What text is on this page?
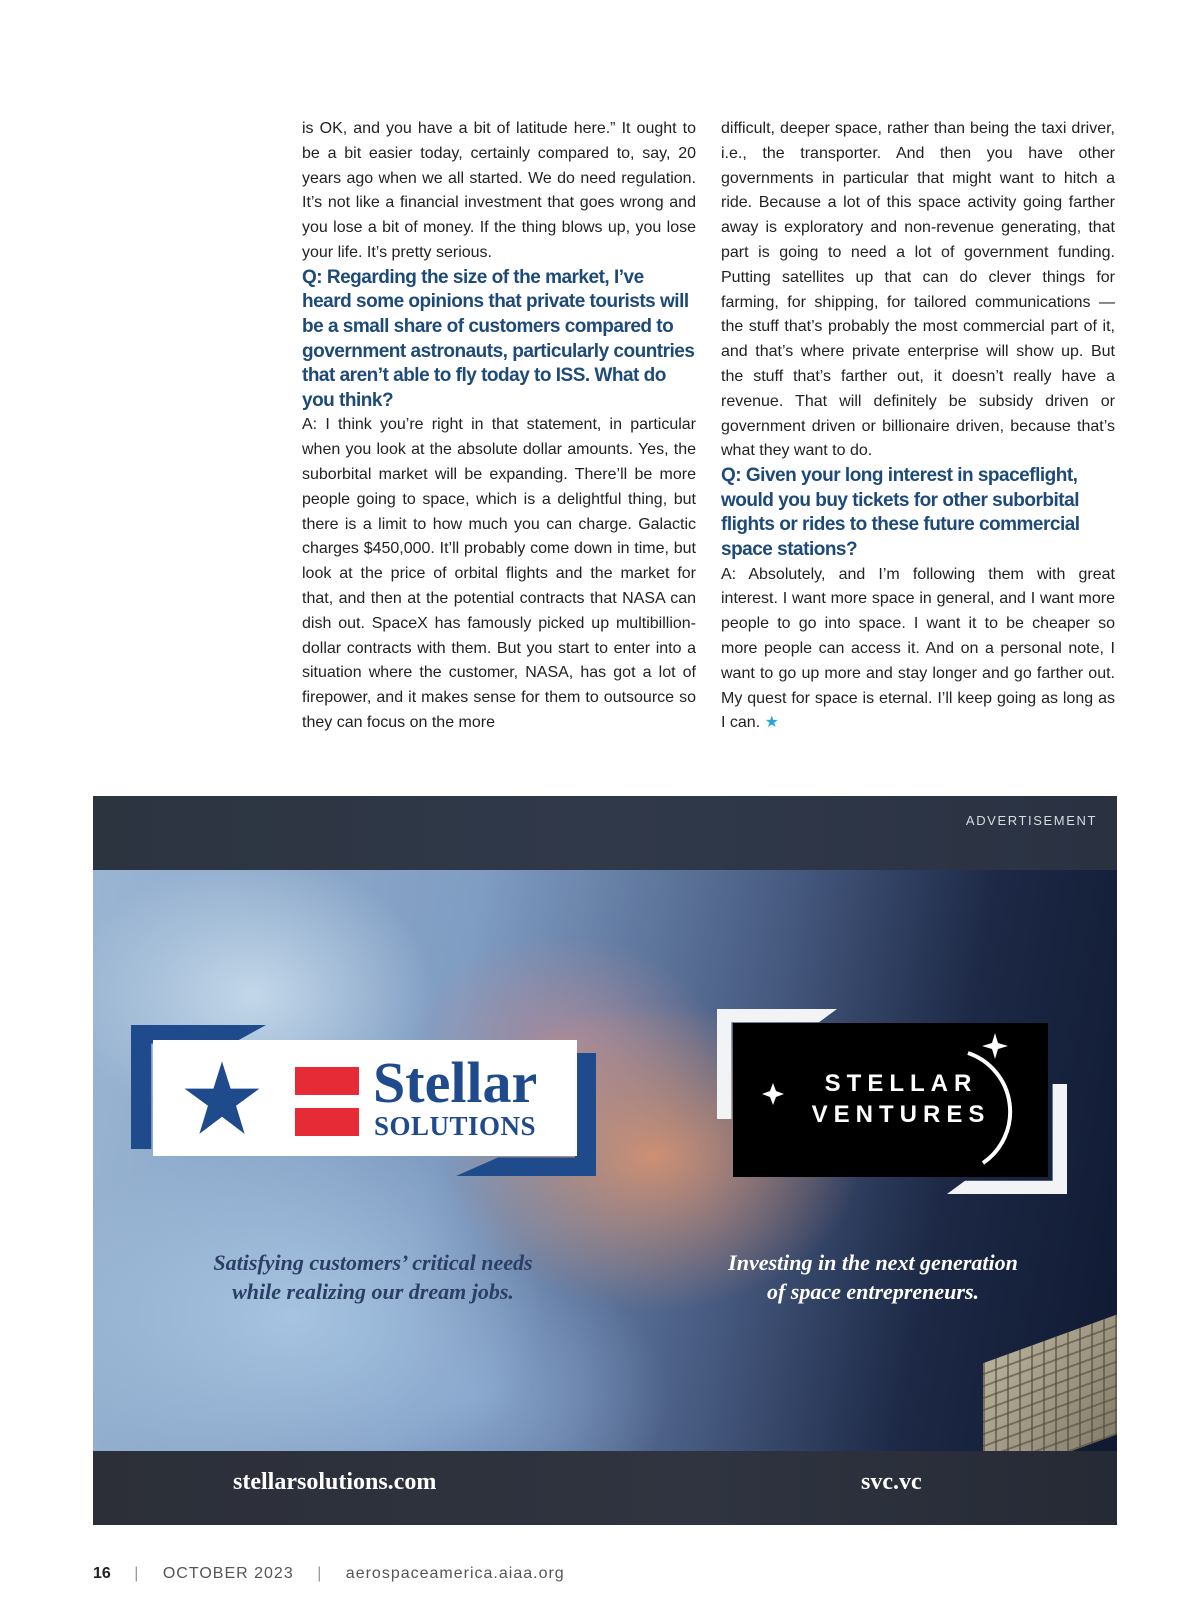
is OK, and you have a bit of latitude here.” It ought to be a bit easier today, certainly compared to, say, 20 years ago when we all started. We do need regulation. It’s not like a financial investment that goes wrong and you lose a bit of money. If the thing blows up, you lose your life. It’s pretty serious.

Q: Regarding the size of the market, I’ve heard some opinions that private tourists will be a small share of customers compared to government astronauts, particularly countries that aren’t able to fly today to ISS. What do you think?

A: I think you’re right in that statement, in particular when you look at the absolute dollar amounts. Yes, the suborbital market will be expanding. There’ll be more people going to space, which is a delightful thing, but there is a limit to how much you can charge. Galactic charges $450,000. It’ll probably come down in time, but look at the price of orbital flights and the market for that, and then at the potential contracts that NASA can dish out. SpaceX has famously picked up multibillion-dollar contracts with them. But you start to enter into a situation where the customer, NASA, has got a lot of firepower, and it makes sense for them to outsource so they can focus on the more

difficult, deeper space, rather than being the taxi driver, i.e., the transporter. And then you have other governments in particular that might want to hitch a ride. Because a lot of this space activity going farther away is exploratory and non-revenue generating, that part is going to need a lot of government funding. Putting satellites up that can do clever things for farming, for shipping, for tailored communications — the stuff that’s probably the most commercial part of it, and that’s where private enterprise will show up. But the stuff that’s farther out, it doesn’t really have a revenue. That will definitely be subsidy driven or government driven or billionaire driven, because that’s what they want to do.

Q: Given your long interest in spaceflight, would you buy tickets for other suborbital flights or rides to these future commercial space stations?

A: Absolutely, and I’m following them with great interest. I want more space in general, and I want more people to go into space. I want it to be cheaper so more people can access it. And on a personal note, I want to go up more and stay longer and go farther out. My quest for space is eternal. I’ll keep going as long as I can. ★

ADVERTISEMENT
Stellar
SOLUTIONS
STELLAR
VENTURES
Satisfying customers’ critical needs
while realizing our dream jobs.
Investing in the next generation
of space entrepreneurs.
stellarsolutions.com	svc.vc
16 | OCTOBER 2023 | aerospaceamerica.aiaa.org
